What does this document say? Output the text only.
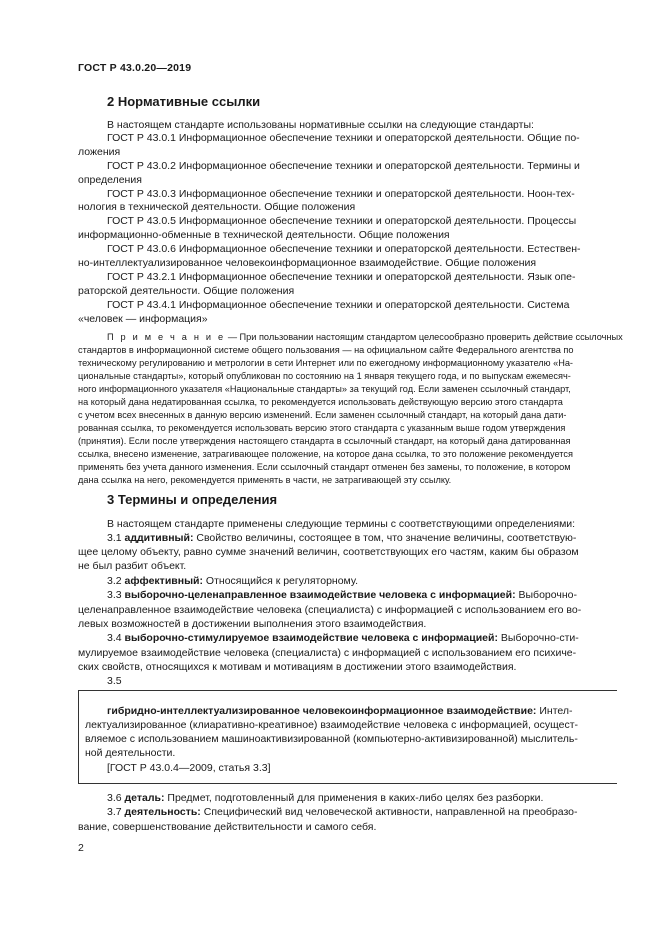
ГОСТ Р 43.0.20—2019
2 Нормативные ссылки
В настоящем стандарте использованы нормативные ссылки на следующие стандарты:
ГОСТ Р 43.0.1 Информационное обеспечение техники и операторской деятельности. Общие по-
ложения
ГОСТ Р 43.0.2 Информационное обеспечение техники и операторской деятельности. Термины и
определения
ГОСТ Р 43.0.3 Информационное обеспечение техники и операторской деятельности. Ноон-тех-
нология в технической деятельности. Общие положения
ГОСТ Р 43.0.5 Информационное обеспечение техники и операторской деятельности. Процессы
информационно-обменные в технической деятельности. Общие положения
ГОСТ Р 43.0.6 Информационное обеспечение техники и операторской деятельности. Естествен-
но-интеллектуализированное человекоинформационное взаимодействие. Общие положения
ГОСТ Р 43.2.1 Информационное обеспечение техники и операторской деятельности. Язык опе-
раторской деятельности. Общие положения
ГОСТ Р 43.4.1 Информационное обеспечение техники и операторской деятельности. Система
«человек — информация»
П р и м е ч а н и е — При пользовании настоящим стандартом целесообразно проверить действие ссылочных
стандартов в информационной системе общего пользования — на официальном сайте Федерального агентства по
техническому регулированию и метрологии в сети Интернет или по ежегодному информационному указателю «На-
циональные стандарты», который опубликован по состоянию на 1 января текущего года, и по выпускам ежемесяч-
ного информационного указателя «Национальные стандарты» за текущий год. Если заменен ссылочный стандарт,
на который дана недатированная ссылка, то рекомендуется использовать действующую версию этого стандарта
с учетом всех внесенных в данную версию изменений. Если заменен ссылочный стандарт, на который дана дати-
рованная ссылка, то рекомендуется использовать версию этого стандарта с указанным выше годом утверждения
(принятия). Если после утверждения настоящего стандарта в ссылочный стандарт, на который дана датированная
ссылка, внесено изменение, затрагивающее положение, на которое дана ссылка, то это положение рекомендуется
применять без учета данного изменения. Если ссылочный стандарт отменен без замены, то положение, в котором
дана ссылка на него, рекомендуется применять в части, не затрагивающей эту ссылку.
3 Термины и определения
В настоящем стандарте применены следующие термины с соответствующими определениями:
3.1 аддитивный: Свойство величины, состоящее в том, что значение величины, соответствую-
щее целому объекту, равно сумме значений величин, соответствующих его частям, каким бы образом
не был разбит объект.
3.2 аффективный: Относящийся к регуляторному.
3.3 выборочно-целенаправленное взаимодействие человека с информацией: Выборочно-
целенаправленное взаимодействие человека (специалиста) с информацией с использованием его во-
левых возможностей в достижении выполнения этого взаимодействия.
3.4 выборочно-стимулируемое взаимодействие человека с информацией: Выборочно-сти-
мулируемое взаимодействие человека (специалиста) с информацией с использованием его психиче-
ских свойств, относящихся к мотивам и мотивациям в достижении этого взаимодействия.
3.5
гибридно-интеллектуализированное человекоинформационное взаимодействие: Интел-
лектуализированное (клиаративно-креативное) взаимодействие человека с информацией, осущест-
вляемое с использованием машиноактивизированной (компьютерно-активизированной) мыслитель-
ной деятельности.
[ГОСТ Р 43.0.4—2009, статья 3.3]
3.6 деталь: Предмет, подготовленный для применения в каких-либо целях без разборки.
3.7 деятельность: Специфический вид человеческой активности, направленной на преобразо-
вание, совершенствование действительности и самого себя.
2
